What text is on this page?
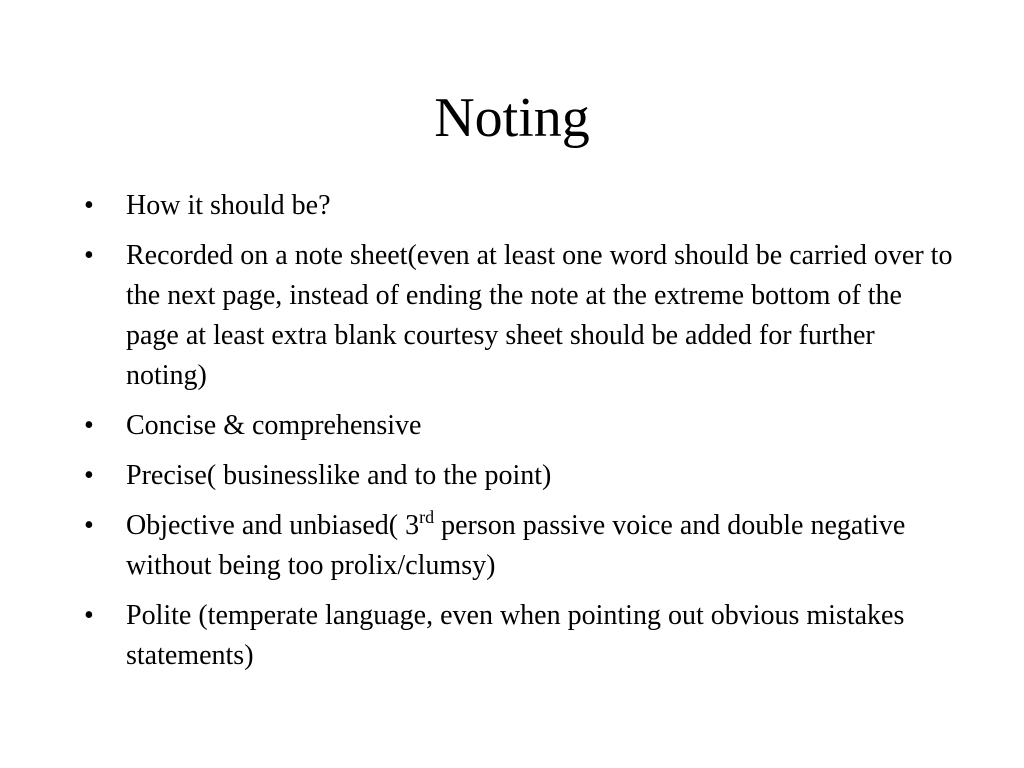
Noting
•	How it should be?
•	Recorded on a note sheet(even at least one word should be carried over to the next page, instead of ending the note at the extreme bottom of the page at least extra blank courtesy sheet should be added for further noting)
•	Concise & comprehensive
•	Precise( businesslike and to the point)
•	Objective and unbiased( 3rd person passive voice and double negative without being too prolix/clumsy)
•	Polite (temperate language, even when pointing out obvious mistakes statements)
